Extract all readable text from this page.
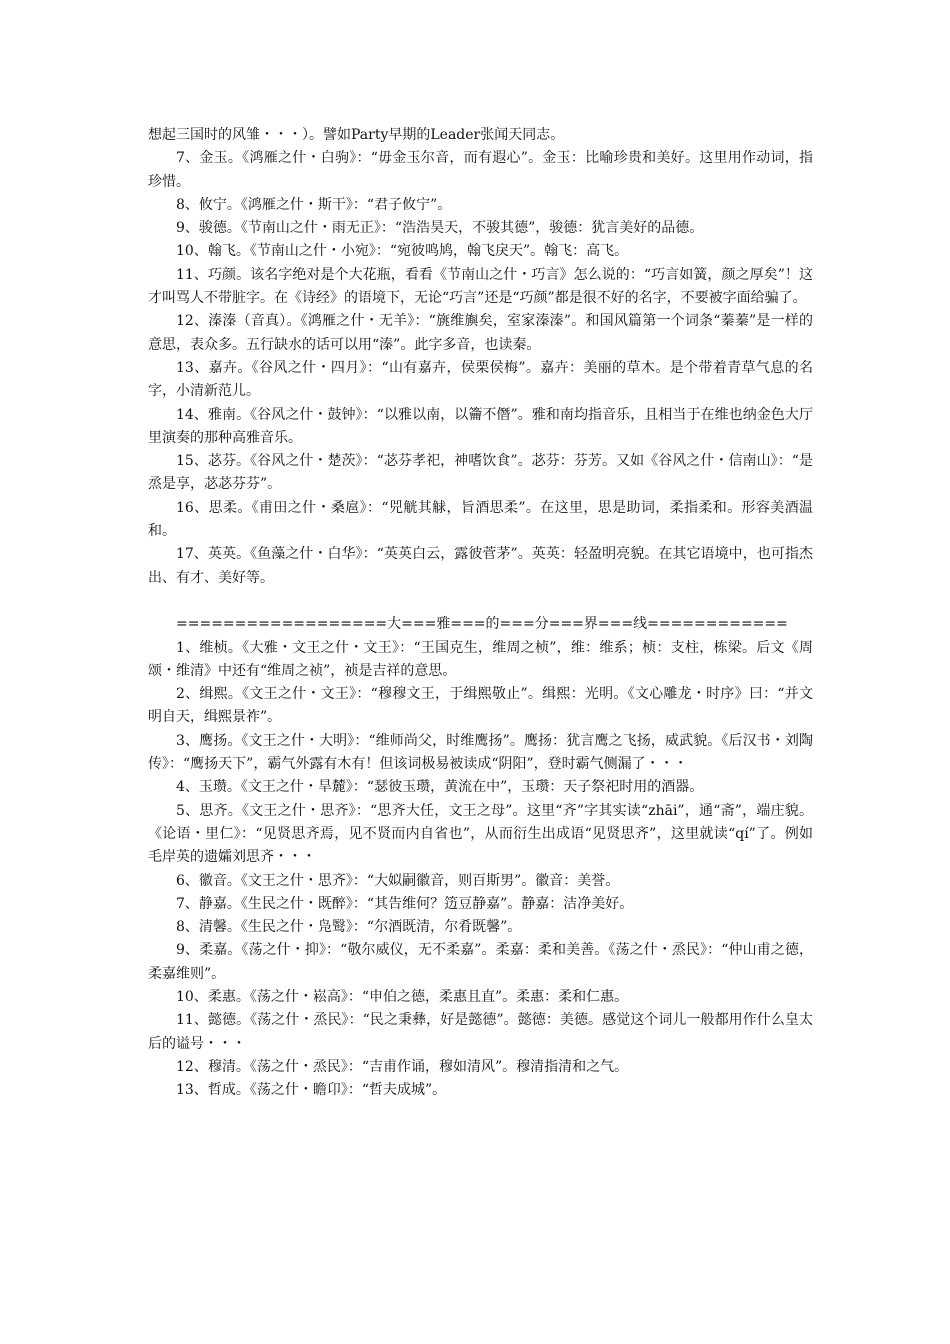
想起三国时的风雏・・・）。譬如Party早期的Leader张闻天同志。

7、金玉。《鸿雁之什・白驹》：“毋金玉尔音，而有遐心”。金玉：比喻珍贵和美好。这里用作动词，指珍惜。

8、攸宁。《鸿雁之什・斯干》：“君子攸宁”。

9、骏德。《节南山之什・雨无正》：“浩浩昊天，不骏其德”，骏德：犹言美好的品德。

10、翰飞。《节南山之什・小宛》：“宛彼鸣鸠，翰飞戾天”。翰飞：高飞。

11、巧颜。该名字绝对是个大花瓶，看看《节南山之什・巧言》怎么说的：“巧言如簧，颜之厚矣”！这才叫骂人不带脏字。在《诗经》的语境下，无论“巧言”还是“巧颜”都是很不好的名字，不要被字面给骗了。

12、溱溱（音真）。《鸿雁之什・无羊》：“旐维旟矣，室家溱溱”。和国风篇第一个词条“蓁蓁”是一样的意思，表众多。五行缺水的话可以用“溱”。此字多音，也读秦。

13、嘉卉。《谷风之什・四月》：“山有嘉卉，侯栗侯梅”。嘉卉：美丽的草木。是个带着青草气息的名字，小清新范儿。

14、雅南。《谷风之什・鼓钟》：“以雅以南，以籥不僭”。雅和南均指音乐，且相当于在维也纳金色大厅里演奏的那种高雅音乐。

15、苾芬。《谷风之什・楚茨》：“苾芬孝祀，神嗜饮食”。苾芬：芬芳。又如《谷风之什・信南山》：“是烝是享，苾苾芬芬”。

16、思柔。《甫田之什・桑扈》：“兕觥其觩，旨酒思柔”。在这里，思是助词，柔指柔和。形容美酒温和。

17、英英。《鱼藻之什・白华》：“英英白云，露彼菅茅”。英英：轻盈明亮貌。在其它语境中，也可指杰出、有才、美好等。

==================大===雅===的===分===界===线============

1、维桢。《大雅・文王之什・文王》：“王国克生，维周之桢”，维：维系；桢：支柱，栋梁。后文《周颂・维清》中还有“维周之祯”，祯是吉祥的意思。

2、缉熙。《文王之什・文王》：“穆穆文王，于缉熙敬止”。缉熙：光明。《文心雕龙・时序》曰：“并文明自天，缉熙景祚”。

3、鹰扬。《文王之什・大明》：“维师尚父，时维鹰扬”。鹰扬：犹言鹰之飞扬，威武貌。《后汉书・刘陶传》：“鹰扬天下”，霸气外露有木有！但该词极易被读成“阴阳”，登时霸气侧漏了・・・

4、玉瓒。《文王之什・旱麓》：“瑟彼玉瓒，黄流在中”，玉瓒：天子祭祀时用的酒器。

5、思齐。《文王之什・思齐》：“思齐大任，文王之母”。这里“齐”字其实读“zhāi”，通“斋”，端庄貌。《论语・里仁》：“见贤思齐焉，见不贤而内自省也”，从而衍生出成语“见贤思齐”，这里就读“qí”了。例如毛岸英的遗孀刘思齐・・・

6、徽音。《文王之什・思齐》：“大姒嗣徽音，则百斯男”。徽音：美誉。

7、静嘉。《生民之什・既醉》：“其告维何？笾豆静嘉”。静嘉：洁净美好。

8、清馨。《生民之什・凫鹥》：“尔酒既清，尔肴既馨”。

9、柔嘉。《荡之什・抑》：“敬尔威仪，无不柔嘉”。柔嘉：柔和美善。《荡之什・烝民》：“仲山甫之德，柔嘉维则”。

10、柔惠。《荡之什・崧高》：“申伯之德，柔惠且直”。柔惠：柔和仁惠。

11、懿德。《荡之什・烝民》：“民之秉彝，好是懿德”。懿德：美德。感觉这个词儿一般都用作什么皇太后的谥号・・・

12、穆清。《荡之什・烝民》：“吉甫作诵，穆如清风”。穆清指清和之气。

13、哲成。《荡之什・瞻卬》：“哲夫成城”。
